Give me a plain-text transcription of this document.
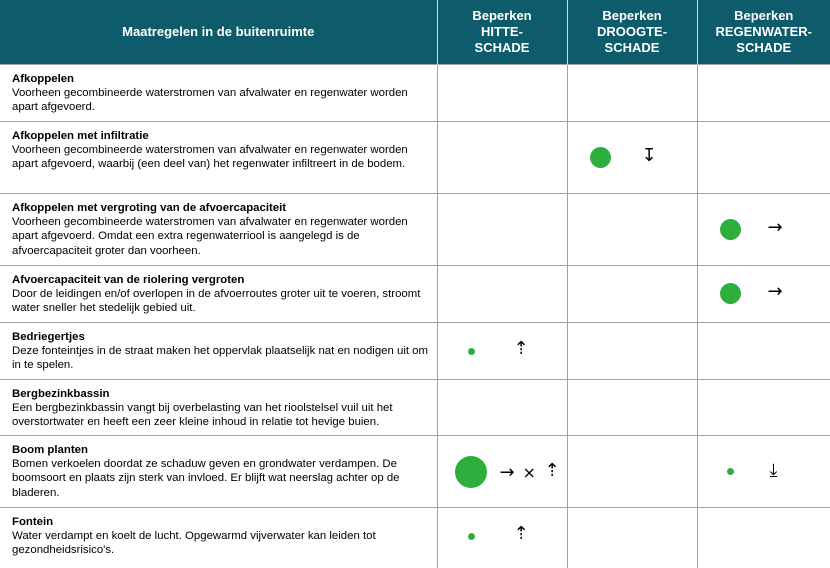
Maatregelen in de buitenruimte	Beperken
HITTE-
SCHADE	Beperken
DROOGTE-
SCHADE	Beperken
REGENWATER-
SCHADE

Afkoppelen
Voorheen gecombineerde waterstromen van afvalwater en regenwater worden apart afgevoerd.			

Afkoppelen met infiltratie
Voorheen gecombineerde waterstromen van afvalwater en regenwater worden apart afgevoerd, waarbij (een deel van) het regenwater infiltreert in de bodem.		↧	

Afkoppelen met vergroting van de afvoercapaciteit
Voorheen gecombineerde waterstromen van afvalwater en regenwater worden apart afgevoerd. Omdat een extra regenwaterriool is aangelegd is de afvoercapaciteit groter dan voorheen.			→

Afvoercapaciteit van de riolering vergroten
Door de leidingen en/of overlopen in de afvoerroutes groter uit te voeren, stroomt water sneller het stedelijk gebied uit.			→

Bedriegertjes
Deze fonteintjes in de straat maken het oppervlak plaatselijk nat en nodigen uit om in te spelen.	⇡		

Bergbezinkbassin
Een bergbezinkbassin vangt bij overbelasting van het rioolstelsel vuil uit het overstortwater en heeft een zeer kleine inhoud in relatie tot hevige buien.			

Boom planten
Bomen verkoelen doordat ze schaduw geven en grondwater verdampen. De boomsoort en plaats zijn sterk van invloed. Er blijft wat neerslag achter op de bladeren.	→ × ⇡		⤓

Fontein
Water verdampt en koelt de lucht. Opgewarmd vijverwater kan leiden tot gezondheidsrisico's.	⇡		
